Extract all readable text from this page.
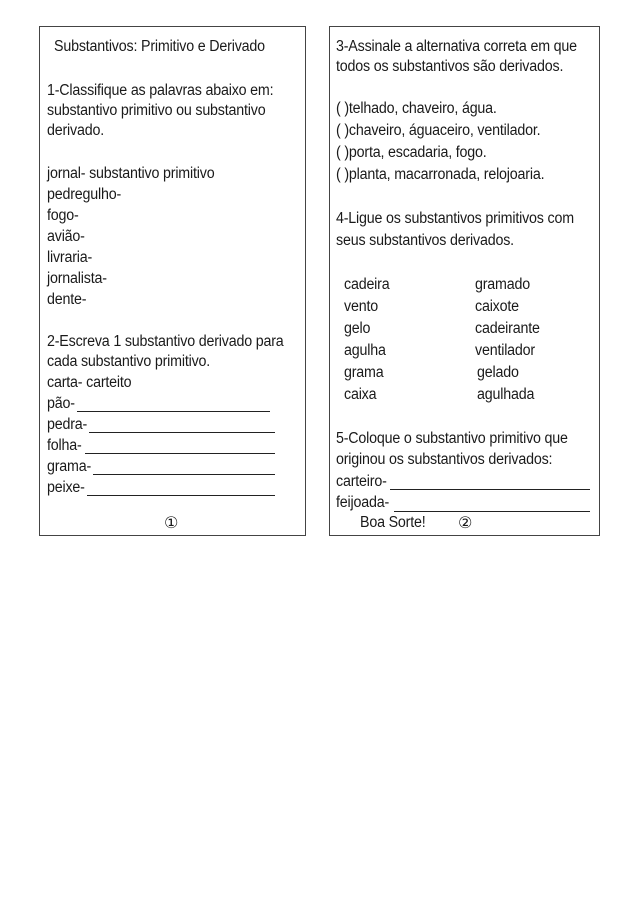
Substantivos: Primitivo e Derivado
1-Classifique as palavras abaixo em:
substantivo primitivo ou substantivo
derivado.
jornal- substantivo primitivo
pedregulho-
fogo-
avião-
livraria-
jornalista-
dente-
2-Escreva 1 substantivo derivado para
cada substantivo primitivo.
carta- carteito
pão-
pedra-
folha-
grama-
peixe-
①
3-Assinale a alternativa correta em que
todos os substantivos são derivados.
( )telhado, chaveiro, água.
( )chaveiro, águaceiro, ventilador.
( )porta, escadaria, fogo.
( )planta, macarronada, relojoaria.
4-Ligue os substantivos primitivos com
seus substantivos derivados.
cadeira
vento
gelo
agulha
grama
caixa
gramado
caixote
cadeirante
ventilador
gelado
agulhada
5-Coloque o substantivo primitivo que
originou os substantivos derivados:
carteiro-
feijoada-
Boa Sorte! ②
